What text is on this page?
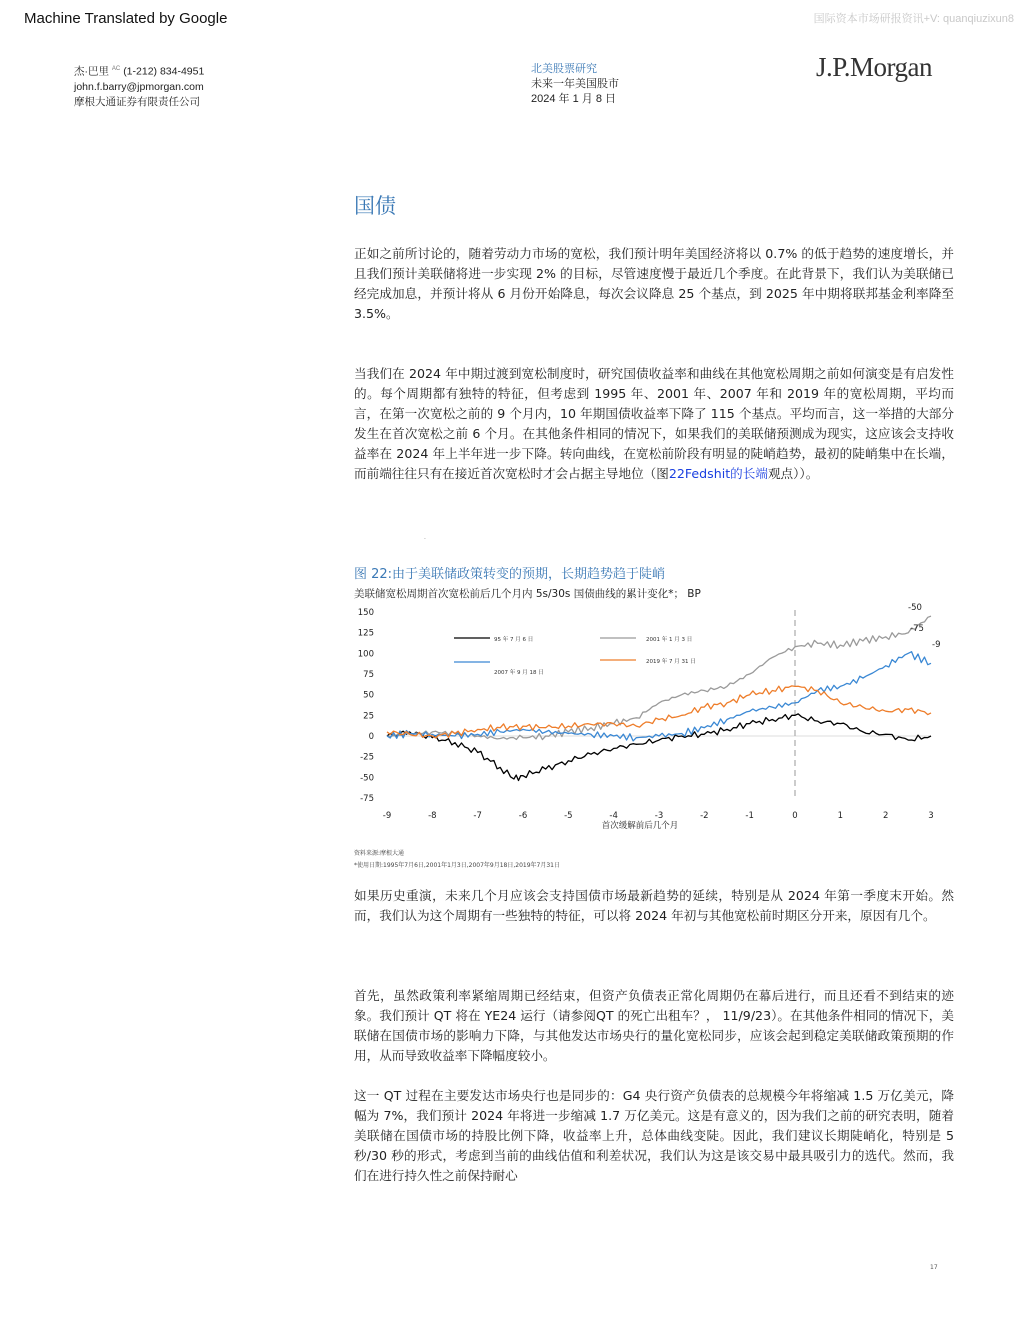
Machine Translated by Google	国际资本市场研报资讯+V: quanqiuzixun8
杰·巴里 $^{AC}$ (1-212) 834-4951
john.f.barry@jpmorgan.com
摩根大通证券有限责任公司
北美股票研究
未来一年美国股市
2024 年 1 月 8 日
J.P.Morgan
国债
正如之前所讨论的，随着劳动力市场的宽松，我们预计明年美国经济将以 0.7% 的低于趋势的速度增长，并且我们预计美联储将进一步实现 2% 的目标，尽管速度慢于最近几个季度。在此背景下，我们认为美联储已经完成加息，并预计将从 6 月份开始降息，每次会议降息 25 个基点，到 2025 年中期将联邦基金利率降至 3.5%。
当我们在 2024 年中期过渡到宽松制度时，研究国债收益率和曲线在其他宽松周期之前如何演变是有启发性的。每个周期都有独特的特征，但考虑到 1995 年、2001 年、2007 年和 2019 年的宽松周期，平均而言，在第一次宽松之前的 9 个月内，10 年期国债收益率下降了 115 个基点。平均而言，这一举措的大部分发生在首次宽松之前 6 个月。在其他条件相同的情况下，如果我们的美联储预测成为现实，这应该会支持收益率在 2024 年上半年进一步下降。转向曲线，在宽松前阶段有明显的陡峭趋势，最初的陡峭集中在长端，而前端往往只有在接近首次宽松时才会占据主导地位（图22Fedshit的长端观点））。
.
图 22:由于美联储政策转变的预期，长期趋势趋于陡峭
美联储宽松周期首次宽松前后几个月内 5s/30s 国债曲线的累计变化*； BP
150
125
100
75
50
25
0
-25
-50
-75
-9	-8	-7	-6	-5	-4	-3	-2	-1	0	1	2	3
95 年 7 月 6 日	2001 年 1 月 3 日
2007 年 9 月 18 日
2019 年 7 月 31 日
-50
-75
-9
首次缓解前后几个月
资料来源:摩根大通
*使用日期:1995年7月6日,2001年1月3日,2007年9月18日,2019年7月31日
如果历史重演，未来几个月应该会支持国债市场最新趋势的延续，特别是从 2024 年第一季度末开始。然而，我们认为这个周期有一些独特的特征，可以将 2024 年初与其他宽松前时期区分开来，原因有几个。
首先，虽然政策利率紧缩周期已经结束，但资产负债表正常化周期仍在幕后进行，而且还看不到结束的迹象。我们预计 QT 将在 YE24 运行（请参阅QT 的死亡出租车？， 11/9/23）。在其他条件相同的情况下，美联储在国债市场的影响力下降，与其他发达市场央行的量化宽松同步，应该会起到稳定美联储政策预期的作用，从而导致收益率下降幅度较小。
这一 QT 过程在主要发达市场央行也是同步的：G4 央行资产负债表的总规模今年将缩减 1.5 万亿美元，降幅为 7%，我们预计 2024 年将进一步缩减 1.7 万亿美元。这是有意义的，因为我们之前的研究表明，随着美联储在国债市场的持股比例下降，收益率上升，总体曲线变陡。因此，我们建议长期陡峭化，特别是 5 秒/30 秒的形式，考虑到当前的曲线估值和利差状况，我们认为这是该交易中最具吸引力的选代。然而，我们在进行持久性之前保持耐心
17
